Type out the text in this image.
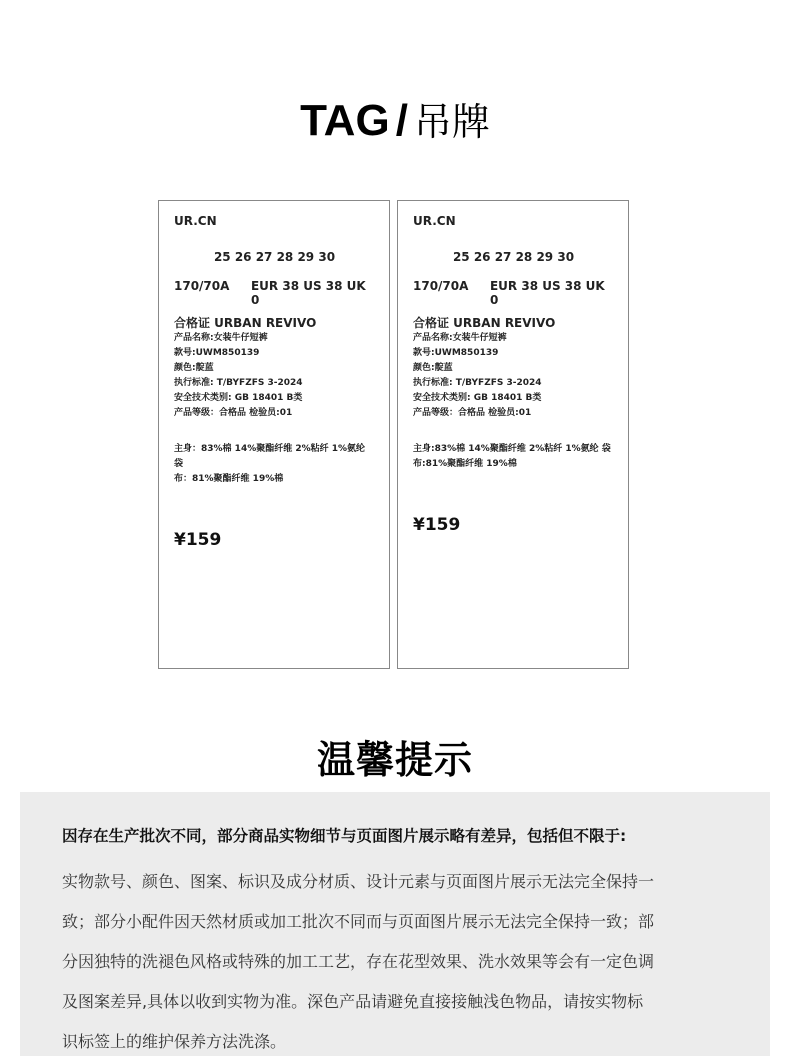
TAG / 吊牌
UR.CN
25 26 27 28 29 30
170/70A	EUR 38 US 38 UK 0
合格证 URBAN REVIVO
产品名称:女装牛仔短裤
款号:UWM850139
颜色:靛蓝
执行标准: T/BYFZFS 3-2024
安全技术类别: GB 18401 B类
产品等级：合格品 检验员:01
主身：83%棉 14%聚酯纤维 2%粘纤 1%氨纶 袋
布：81%聚酯纤维 19%棉
¥159
UR.CN
25 26 27 28 29 30
170/70A	EUR 38 US 38 UK 0
合格证 URBAN REVIVO
产品名称:女装牛仔短裤
款号:UWM850139
颜色:靛蓝
执行标准: T/BYFZFS 3-2024
安全技术类别: GB 18401 B类
产品等级：合格品 检验员:01
主身:83%棉 14%聚酯纤维 2%粘纤 1%氨纶 袋
布:81%聚酯纤维 19%棉
¥159
温馨提示
因存在生产批次不同，部分商品实物细节与页面图片展示略有差异，包括但不限于:
实物款号、颜色、图案、标识及成分材质、设计元素与页面图片展示无法完全保持一
致；部分小配件因天然材质或加工批次不同而与页面图片展示无法完全保持一致；部
分因独特的洗褪色风格或特殊的加工工艺，存在花型效果、洗水效果等会有一定色调
及图案差异,具体以收到实物为准。深色产品请避免直接接触浅色物品，请按实物标
识标签上的维护保养方法洗涤。
